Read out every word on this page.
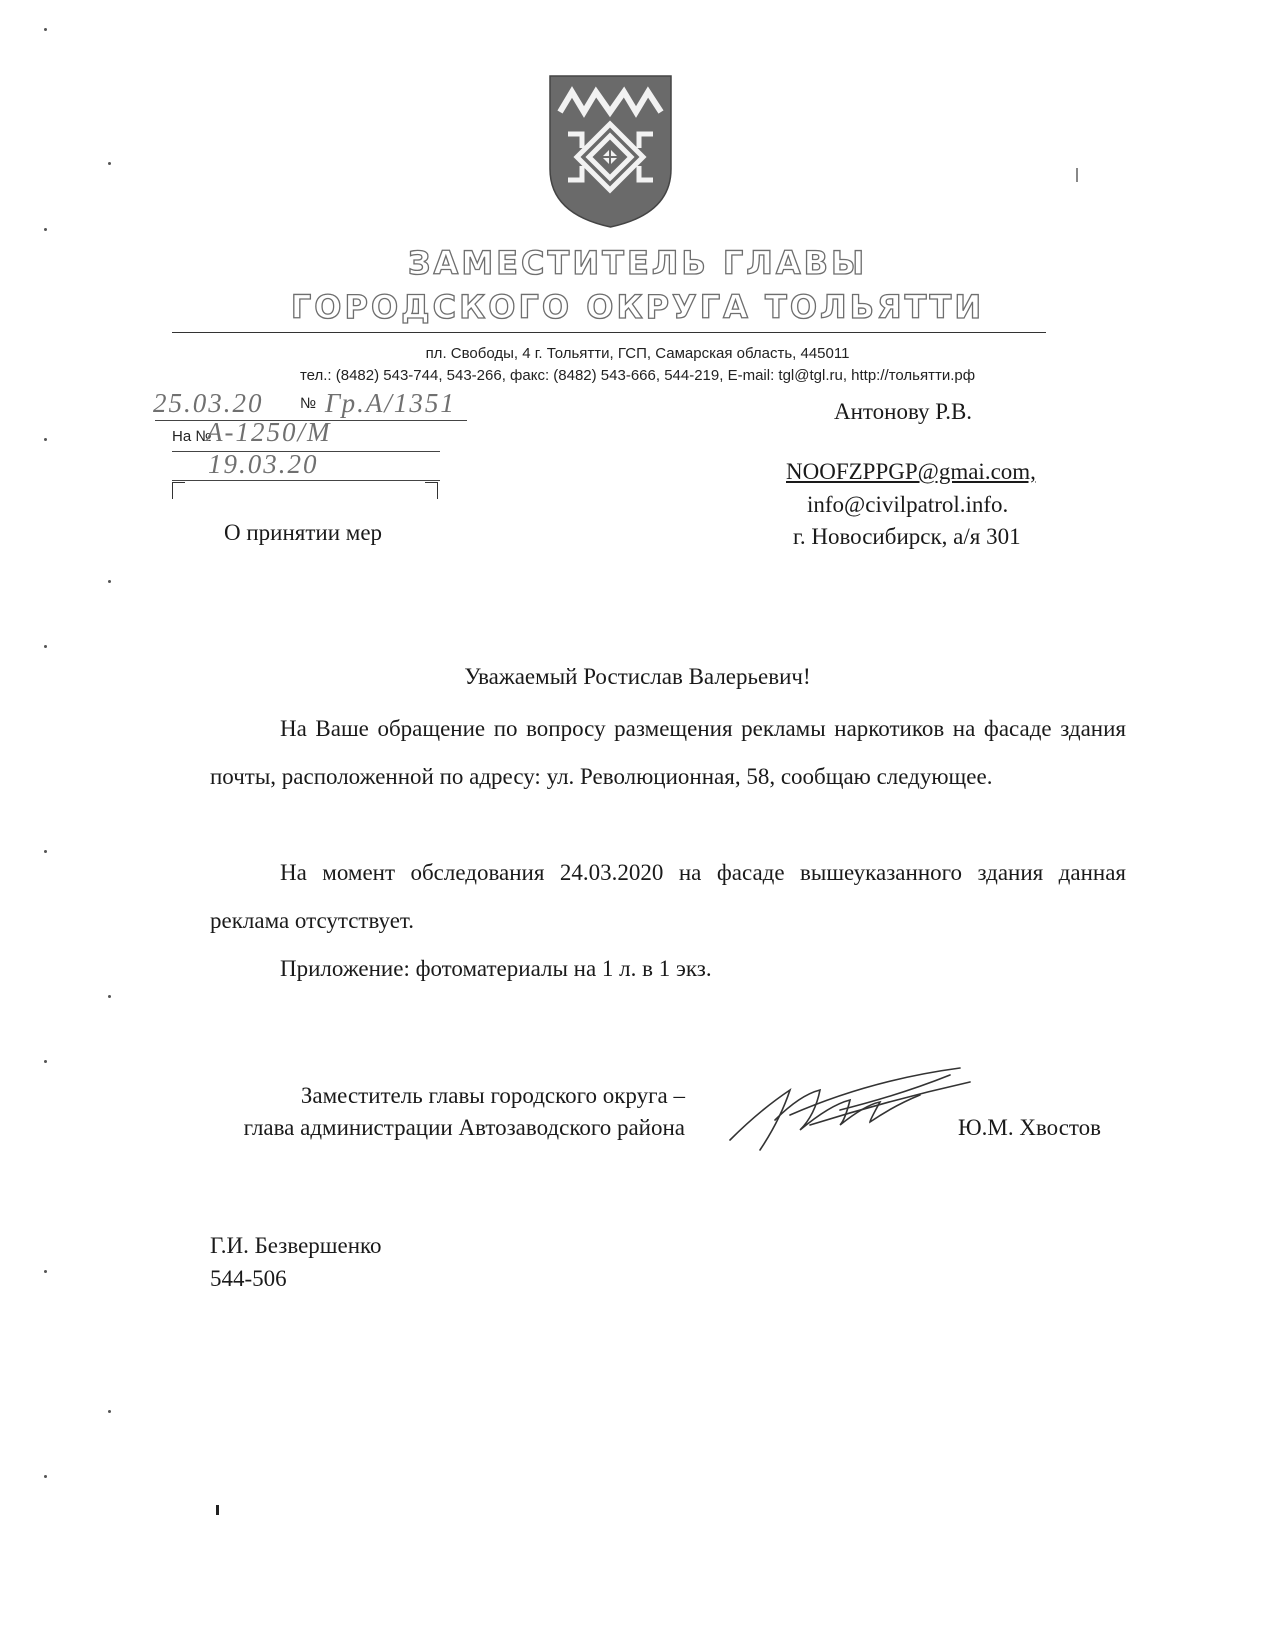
ЗАМЕСТИТЕЛЬ ГЛАВЫ
ГОРОДСКОГО ОКРУГА ТОЛЬЯТТИ
пл. Свободы, 4 г. Тольятти, ГСП, Самарская область, 445011
тел.: (8482) 543-744, 543-266, факс: (8482) 543-666, 544-219, E-mail: tgl@tgl.ru, http://тольятти.рф
25.03.20 № Гр.А/1351
На №
А-1250/М
19.03.20
О принятии мер
Антонову Р.В.
NOOFZPPGP@gmai.com,
info@civilpatrol.info.
г. Новосибирск, а/я 301
Уважаемый Ростислав Валерьевич!
На Ваше обращение по вопросу размещения рекламы наркотиков на фасаде здания почты, расположенной по адресу: ул. Революционная, 58, сообщаю следующее.
На момент обследования 24.03.2020 на фасаде вышеуказанного здания данная реклама отсутствует.
Приложение: фотоматериалы на 1 л. в 1 экз.
Заместитель главы городского округа –
глава администрации Автозаводского района	Ю.М. Хвостов
Г.И. Безвершенко
544-506
